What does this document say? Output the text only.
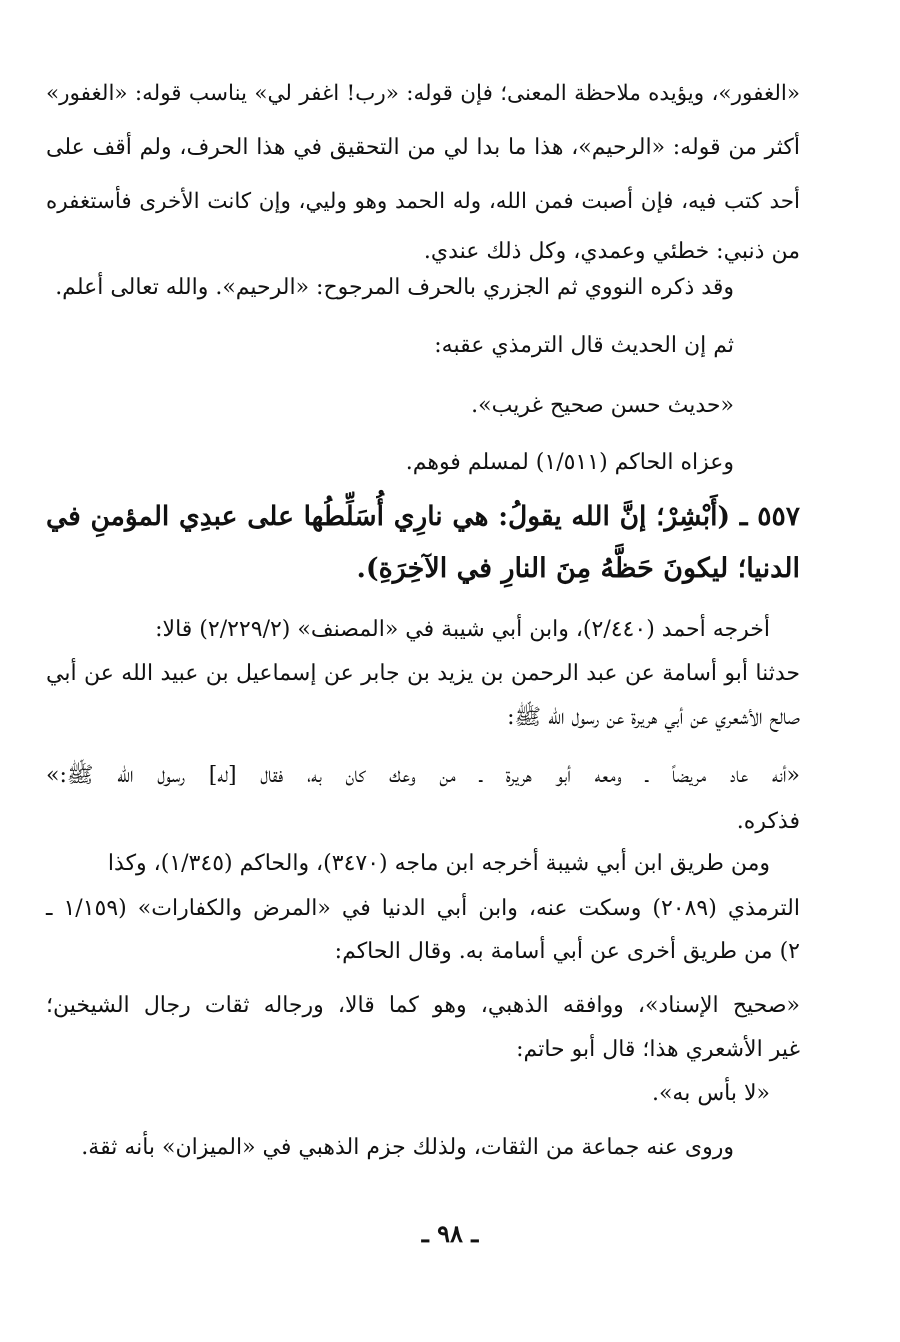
«الغفور»، ويؤيده ملاحظة المعنى؛ فإن قوله: «رب! اغفر لي» يناسب قوله: «الغفور»
أكثر من قوله: «الرحيم»، هذا ما بدا لي من التحقيق في هذا الحرف، ولم أقف على
أحد كتب فيه، فإن أصبت فمن الله، وله الحمد وهو وليي، وإن كانت الأخرى فأستغفره
من ذنبي: خطئي وعمدي، وكل ذلك عندي.
وقد ذكره النووي ثم الجزري بالحرف المرجوح: «الرحيم». والله تعالى أعلم.
ثم إن الحديث قال الترمذي عقبه:
«حديث حسن صحيح غريب».
وعزاه الحاكم (١/٥١١) لمسلم فوهم.
٥٥٧ ـ (أَبْشِرْ؛ إنَّ الله يقولُ: هي نارِي أُسَلِّطُها على عبدِي المؤمنِ في
الدنيا؛ ليكونَ حَظَّهُ مِنَ النارِ في الآخِرَةِ).
أخرجه أحمد (٢/٤٤٠)، وابن أبي شيبة في «المصنف» (٢/٢٢٩/٢) قالا:
حدثنا أبو أسامة عن عبد الرحمن بن يزيد بن جابر عن إسماعيل بن عبيد الله عن أبي
صالح الأشعري عن أبي هريرة عن رسول الله ﷺ:
«أنه عاد مريضاً ـ ومعه أبو هريرة ـ من وعك كان به، فقال [له] رسول الله ﷺ:»
فذكره.
ومن طريق ابن أبي شيبة أخرجه ابن ماجه (٣٤٧٠)، والحاكم (١/٣٤٥)، وكذا
الترمذي (٢٠٨٩) وسكت عنه، وابن أبي الدنيا في «المرض والكفارات» (١/١٥٩ ـ
٢) من طريق أخرى عن أبي أسامة به. وقال الحاكم:
«صحيح الإسناد»، ووافقه الذهبي، وهو كما قالا، ورجاله ثقات رجال الشيخين؛
غير الأشعري هذا؛ قال أبو حاتم:
«لا بأس به».
وروى عنه جماعة من الثقات، ولذلك جزم الذهبي في «الميزان» بأنه ثقة.
ـ ٩٨ ـ
